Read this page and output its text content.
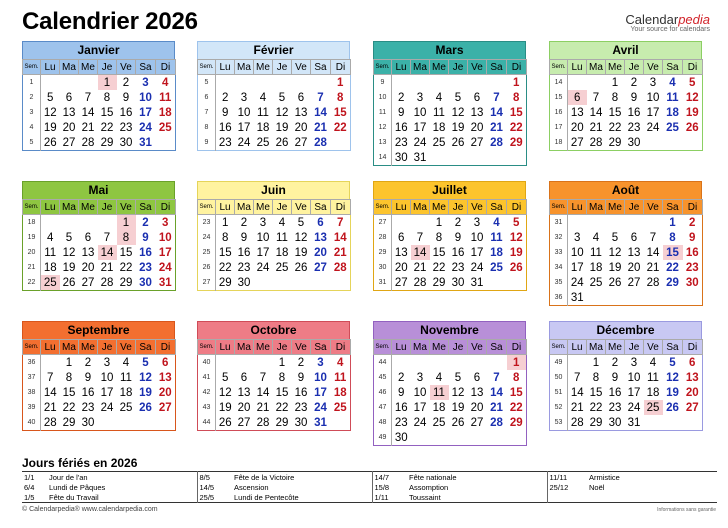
Calendrier 2026	Calendarpedia
Your source for calendars
Janvier
Sem.	Lu	Ma	Me	Je	Ve	Sa	Di
1				1	2	3	4
2	5	6	7	8	9	10	11
3	12	13	14	15	16	17	18
4	19	20	21	22	23	24	25
5	26	27	28	29	30	31	
Février
Sem.	Lu	Ma	Me	Je	Ve	Sa	Di
5							1
6	2	3	4	5	6	7	8
7	9	10	11	12	13	14	15
8	16	17	18	19	20	21	22
9	23	24	25	26	27	28	
Mars
Sem.	Lu	Ma	Me	Je	Ve	Sa	Di
9							1
10	2	3	4	5	6	7	8
11	9	10	11	12	13	14	15
12	16	17	18	19	20	21	22
13	23	24	25	26	27	28	29
14	30	31					
Avril
Sem.	Lu	Ma	Me	Je	Ve	Sa	Di
14			1	2	3	4	5
15	6	7	8	9	10	11	12
16	13	14	15	16	17	18	19
17	20	21	22	23	24	25	26
18	27	28	29	30			
Mai
Sem.	Lu	Ma	Me	Je	Ve	Sa	Di
18					1	2	3
19	4	5	6	7	8	9	10
20	11	12	13	14	15	16	17
21	18	19	20	21	22	23	24
22	25	26	27	28	29	30	31
Juin
Sem.	Lu	Ma	Me	Je	Ve	Sa	Di
23	1	2	3	4	5	6	7
24	8	9	10	11	12	13	14
25	15	16	17	18	19	20	21
26	22	23	24	25	26	27	28
27	29	30					
Juillet
Sem.	Lu	Ma	Me	Je	Ve	Sa	Di
27			1	2	3	4	5
28	6	7	8	9	10	11	12
29	13	14	15	16	17	18	19
30	20	21	22	23	24	25	26
31	27	28	29	30	31		
Août
Sem.	Lu	Ma	Me	Je	Ve	Sa	Di
31						1	2
32	3	4	5	6	7	8	9
33	10	11	12	13	14	15	16
34	17	18	19	20	21	22	23
35	24	25	26	27	28	29	30
36	31						
Septembre
Sem.	Lu	Ma	Me	Je	Ve	Sa	Di
36		1	2	3	4	5	6
37	7	8	9	10	11	12	13
38	14	15	16	17	18	19	20
39	21	22	23	24	25	26	27
40	28	29	30				
Octobre
Sem.	Lu	Ma	Me	Je	Ve	Sa	Di
40				1	2	3	4
41	5	6	7	8	9	10	11
42	12	13	14	15	16	17	18
43	19	20	21	22	23	24	25
44	26	27	28	29	30	31	
Novembre
Sem.	Lu	Ma	Me	Je	Ve	Sa	Di
44							1
45	2	3	4	5	6	7	8
46	9	10	11	12	13	14	15
47	16	17	18	19	20	21	22
48	23	24	25	26	27	28	29
49	30						
Décembre
Sem.	Lu	Ma	Me	Je	Ve	Sa	Di
49		1	2	3	4	5	6
50	7	8	9	10	11	12	13
51	14	15	16	17	18	19	20
52	21	22	23	24	25	26	27
53	28	29	30	31			
Jours fériés en 2026
1/1	Jour de l'an	8/5	Fête de la Victoire	14/7	Fête nationale	11/11	Armistice
6/4	Lundi de Pâques	14/5	Ascension	15/8	Assomption	25/12	Noël
1/5	Fête du Travail	25/5	Lundi de Pentecôte	1/11	Toussaint		
© Calendarpedia® www.calendarpedia.com	Informations sans garantie
